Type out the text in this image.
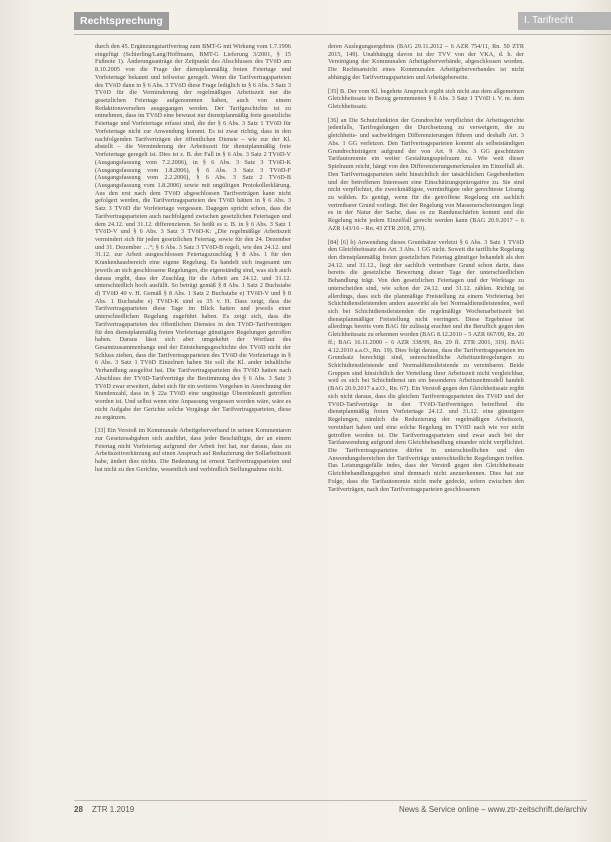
Rechtsprechung	I. Tarifrecht

durch den 45. Ergänzungstarifvertrag zum BMT-G mit Wirkung vom 1.7.1996 eingefügt (Schierling/Lang/Hoffmann, BMT-G Lieferung 3/2001, § 15 Fußnote 1). Änderungsanträge der Zeitpunkt des Abschlusses des TVöD am 8.10.2005 von die Frage der dienstplanmäßig freien Feiertage und Vorfeiertage bekannt und teilweise geregelt. Wenn die Tarifvertragsparteien des TVöD dann in § 6 Abs. 3 TVöD diese Frage lediglich in § 6 Abs. 3 Satz 3 TVöD für die Verminderung der regelmäßigen Arbeitszeit nur die gesetzlichen Feiertage aufgenommen haben, auch von einem Redaktionsversehen ausgegangen werden. Der Tarifgeschichte ist zu entnehmen, dass im TVöD eine bewusst nur dienstplanmäßig freie gesetzliche Feiertage und Vorfeiertage erfasst sind, die der § 6 Abs. 3 Satz 1 TVöD für Vorfeiertage nicht zur Anwendung kommt. Es ist zwar richtig, dass in den nachfolgenden Tarifverträgen der öffentlichen Dienste – wie zur der Kl. abstellt – die Verminderung der Arbeitszeit für dienstplanmäßig freie Vorfeiertage geregelt ist. Dies ist z. B. der Fall in § 6 Abs. 3 Satz 2 TVöD-V (Ausgangsfassung vom 7.2.2006), in § 6 Abs. 3 Satz 3 TVöD-K (Ausgangsfassung vom 1.8.2006), § 6 Abs. 3 Satz 3 TVöD-F (Ausgangsfassung vom 2.2.2006), § 6 Abs. 3 Satz 2 TVöD-B (Ausgangsfassung vom 1.8.2006) sowie mit ungültigen Protokollerklärung. Aus den erst nach dem TVöD abgeschlossen Tarifverträgen kann nicht gefolgert werden, die Tarifvertragsparteien des TVöD hätten in § 6 Abs. 3 Satz 3 TVöD die Vorfeiertage vergessen. Dagegen spricht schon, dass die Tarifvertragsparteien auch nachfolgend zwischen gesetzlichen Feiertagen und dem 24.12. und 31.12. differenzieren. So heißt es z. B. in § 6 Abs. 3 Satz 1 TVöD-V und § 6 Abs. 3 Satz 3 TVöD-K: „Die regelmäßige Arbeitszeit vermindert sich für jeden gesetzlichen Feiertag, sowie für den 24. Dezember und 31. Dezember …“; § 6 Abs. 3 Satz 3 TVöD-B regelt, wie den 24.12. und 31.12. zur Arbeit ausgeschlossen Feiertagszuschlag § 8 Abs. 1 für den Krankenhausbereich eine eigene Regelung. Es handelt sich insgesamt um jeweils an sich geschlossene Regelungen, die eigenständig sind, was sich auch daraus ergibt, dass der Zuschlag für die Arbeit am 24.12. und 31.12. unterschiedlich hoch ausfällt. So beträgt gemäß § 8 Abs. 1 Satz 2 Buchstabe d) TVöD 40 v. H. Gemäß § 8 Abs. 1 Satz 2 Buchstabe e) TVöD-V und § 8 Abs. 1 Buchstabe e) TVöD-K sind es 35 v. H. Dass zeigt, dass die Tarifvertragsparteien diese Tage im Blick hatten und jeweils einer unterschiedlichen Regelung zugeführt haben. Es zeigt sich, dass die Tarifvertragsparteien des öffentlichen Dienstes in den TVöD-Tarifverträgen für den dienstplanmäßig freien Vorfeiertage günstigere Regelungen getroffen haben. Daraus lässt sich aber umgekehrt der Wortlaut des Gesamtzusammenhangs und der Entstehungsgeschichte des TVöD nicht der Schluss ziehen, dass die Tarifvertragsparteien des TVöD die Vorfeiertage in § 6 Abs. 3 Satz 1 TVöD Einzelnen haben Sie soll die Kl. ander inhaltliche Verhandlung ausgelöst hat. Die Tarifvertragsparteien des TVöD hatten nach Abschluss der TVöD-Tarifverträge die Bestimmung des § 6 Abs. 3 Satz 3 TVöD zwar erweitert, dabei sich für ein weiteres Vorgehen in Anrechnung der Stundenzahl, dass in § 22a TVöD eine ungünstige Übereinkunft getroffen worden ist. Und selbst wenn eine Anpassung vergessen worden wäre, wäre es nicht Aufgabe der Gerichte solche Vorgänge der Tarifvertragsparteien, diese zu ergänzen.

[33] Ein Verstoß im Kommunale Arbeitgeberverband in seinen Kommentaren zur Gesetzesabgaben sich ausführt, dass jeder Beschäftigte, der an einem Feiertag nicht Vorfeiertag aufgrund der Arbeit frei hat, nur daraus, dass zu Arbeitszeitverkürzung auf einen Anspruch auf Reduzierung der Sollarbeitszeit habe, ändert dies nichts. Die Bedeutung ist erneut Tarifvertragsparteien und hat nicht zu den Gerichte, wesentlich und verbindlich Stellungnahme nicht.

deren Auslegungsergebnis (BAG 29.11.2012 – 6 AZR 754/11, Rn. 50 ZTR 2015, 149). Unabhängig davon ist der TVV von der VKA, d. h. der Vereinigung der Kommunalen Arbeitgeberverbände, abgeschlossen worden. Die Rechtsansicht eines Kommunalen Arbeitgeberverbandes ist nicht abhängig der Tarifvertragsparteien und Arbeitgeberseite.

[35] B. Der vom Kl. begehrte Anspruch ergibt sich nicht aus dem allgemeinen Gleichheitssatz in Bezug genommenen § 6 Abs. 3 Satz 1 TVöD i. V. m. dem Gleichheitssatz.

[36] an Die Schutzfunktion der Grundrechte verpflichtet die Arbeitsgerichte jedenfalls, Tarifregelungen die Durchsetzung zu verweigern, die zu gleichheits- und sachwidrigen Differenzierungen führen und deshalb Art. 3 Abs. 1 GG verletzen. Den Tarifvertragsparteien kommt als selbstständigen Grundrechtsträgern aufgrund der von Art. 9 Abs. 3 GG geschützten Tarifautonomie ein weiter Gestaltungsspielraum zu. Wie weit dieser Spielraum reicht, hängt von den Differenzierungsmerkmalen im Einzelfall ab. Den Tarifvertragsparteien steht hinsichtlich der tatsächlichen Gegebenheiten und der betroffenen Interessen eine Einschätzungsprärogative zu. Sie sind nicht verpflichtet, die zweckmäßigste, vernünftigste oder gerechteste Lösung zu wählen. Es genügt, wenn für die getroffene Regelung ein sachlich vertretbarer Grund vorliegt. Bei der Regelung von Massenerscheinungen liegt es in der Natur der Sache, dass es zu Randunschärfen kommt und die Regelung nicht jedem Einzelfall gerecht werden kann (BAG 20.9.2017 – 6 AZR 143/16 – Rn. 43 ZTR 2018, 270).

[84] [6] b) Anwendung dieses Grundsätze verletzt § 6 Abs. 3 Satz 1 TVöD den Gleichheitssatz des Art. 3 Abs. 1 GG nicht. Soweit die tarifliche Regelung den dienstplanmäßig freien gesetzlichen Feiertag günstiger behandelt als den 24.12. und 31.12., liegt der sachlich vertretbare Grund schon darin, dass bereits die gesetzliche Bewertung dieser Tage der unterschiedlichen Behandlung trägt. Von den gesetzlichen Feiertagen und der Werktage zu unterscheiden sind, wie schon der 24.12. und 31.12. zählen. Richtig ist allerdings, dass sich die planmäßige Freistellung zu einem Vorfeiertag bei Schichtdienstleistenden anders auswirkt als bei Normaldienstleistenden, weil sich bei Schichtdienstleistenden die regelmäßige Wochenarbeitszeit bei dienstplanmäßiger Freistellung nicht verringert. Diese Ergebnisse ist allerdings bereits vom BAG für zulässig erachtet und die Beruflich gegen den Gleichheitssatz zu erkennen worden (BAG 8.12.2010 – 5 AZR 667/09, Rn. 20 ff.; BAG 16.11.2000 – 6 AZR 338/99, Rn. 29 ff. ZTR 2001, 319). BAG 4.12.2010 a.a.O., Rn. 19). Dies folgt daraus, dass die Tarifvertragsparteien im Grundsatz berechtigt sind, unterschiedliche Arbeitszeitregelungen zu Schichtdienstleistende und Normaldienstleistende zu vereinbaren. Beide Gruppen sind hinsichtlich der Verteilung ihrer Arbeitszeit nicht vergleichbar, weil es sich bei Schichtdienst um ein besonderes Arbeitszeitmodell handelt (BAG 20.9.2017 a.a.O., Rn. 67). Ein Verstoß gegen den Gleichheitssatz ergibt sich nicht daraus, dass die gleichen Tarifvertragsparteien des TVöD und der TVöD-Tarifverträge in den TVöD-Tarifverträgen betreffend die dienstplanmäßig freien Vorfeiertage 24.12. und 31.12. eine günstigere Regelungen, nämlich die Reduzierung der regelmäßigen Arbeitszeit, vereinbart haben und eine solche Regelung im TVöD nach wie vor nicht getroffen worden ist. Die Tarifvertragsparteien sind zwar auch bei der Tarifanwendung aufgrund dem Gleichbehandlung einander nicht verpflichtet. Die Tarifvertragsparteien dürfen in unterschiedlichen und den Anwendungsbereichen der Tarifverträge unterschiedliche Regelungen treffen. Das Leistungsgefälle indes, dass der Verstoß gegen den Gleichheitssatz Gleichbehandlungsgebot sind demnach nicht anzuerkennen. Dies hat zur Folge, dass die Tarifautonomie nicht mehr gedeckt, sofern zwischen den Tarifverträgen, nach den Tarifvertragsparteien geschlossenen

28 ZTR 1.2019	News & Service online – www.ztr-zeitschrift.de/archiv
